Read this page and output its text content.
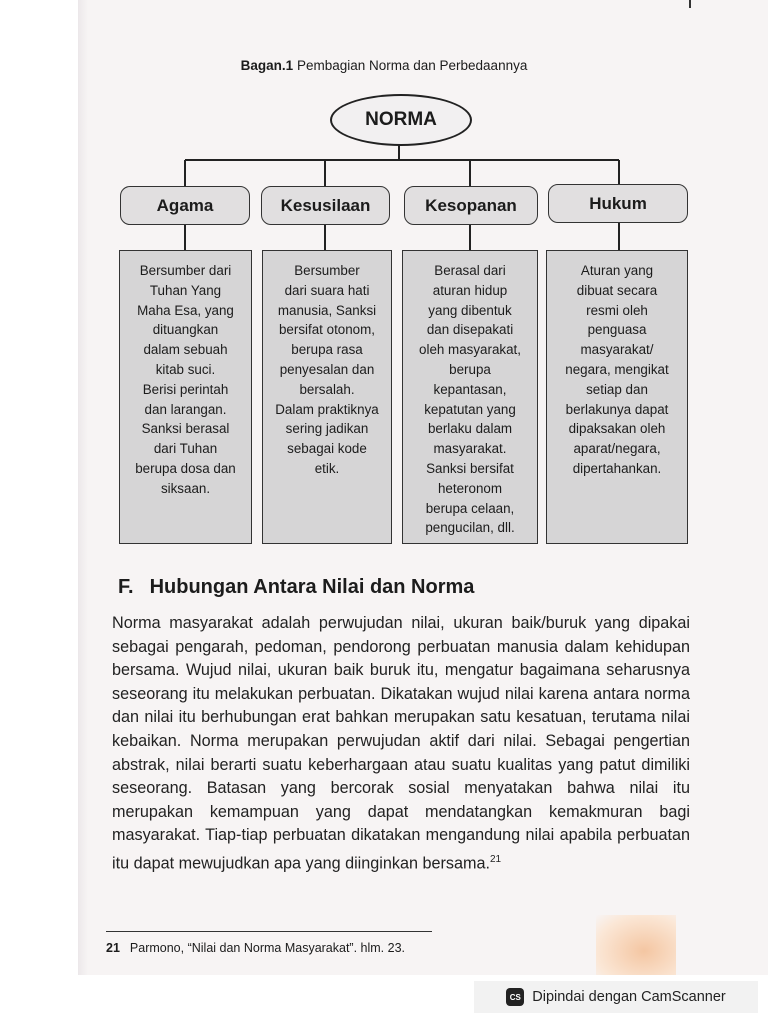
Bagan.1 Pembagian Norma dan Perbedaannya
NORMA
Agama	Kesusilaan	Kesopanan	Hukum
Bersumber dari
Tuhan Yang
Maha Esa, yang
dituangkan
dalam sebuah
kitab suci.
Berisi perintah
dan larangan.
Sanksi berasal
dari Tuhan
berupa dosa dan
siksaan.
Bersumber
dari suara hati
manusia, Sanksi
bersifat otonom,
berupa rasa
penyesalan dan
bersalah.
Dalam praktiknya
sering jadikan
sebagai kode
etik.
Berasal dari
aturan hidup
yang dibentuk
dan disepakati
oleh masyarakat,
berupa
kepantasan,
kepatutan yang
berlaku dalam
masyarakat.
Sanksi bersifat
heteronom
berupa celaan,
pengucilan, dll.
Aturan yang
dibuat secara
resmi oleh
penguasa
masyarakat/
negara, mengikat
setiap dan
berlakunya dapat
dipaksakan oleh
aparat/negara,
dipertahankan.
F. Hubungan Antara Nilai dan Norma
Norma masyarakat adalah perwujudan nilai, ukuran baik/buruk yang dipakai sebagai pengarah, pedoman, pendorong perbuatan manusia dalam kehidupan bersama. Wujud nilai, ukuran baik buruk itu, mengatur bagaimana seharusnya seseorang itu melakukan perbuatan. Dikatakan wujud nilai karena antara norma dan nilai itu berhubungan erat bahkan merupakan satu kesatuan, terutama nilai kebaikan. Norma merupakan perwujudan aktif dari nilai. Sebagai pengertian abstrak, nilai berarti suatu keberhargaan atau suatu kualitas yang patut dimiliki seseorang. Batasan yang bercorak sosial menyatakan bahwa nilai itu merupakan kemampuan yang dapat mendatangkan kemakmuran bagi masyarakat. Tiap-tiap perbuatan dikatakan mengandung nilai apabila perbuatan itu dapat mewujudkan apa yang diinginkan bersama.$^{21}$
21 Parmono, “Nilai dan Norma Masyarakat”. hlm. 23.
CS Dipindai dengan CamScanner
